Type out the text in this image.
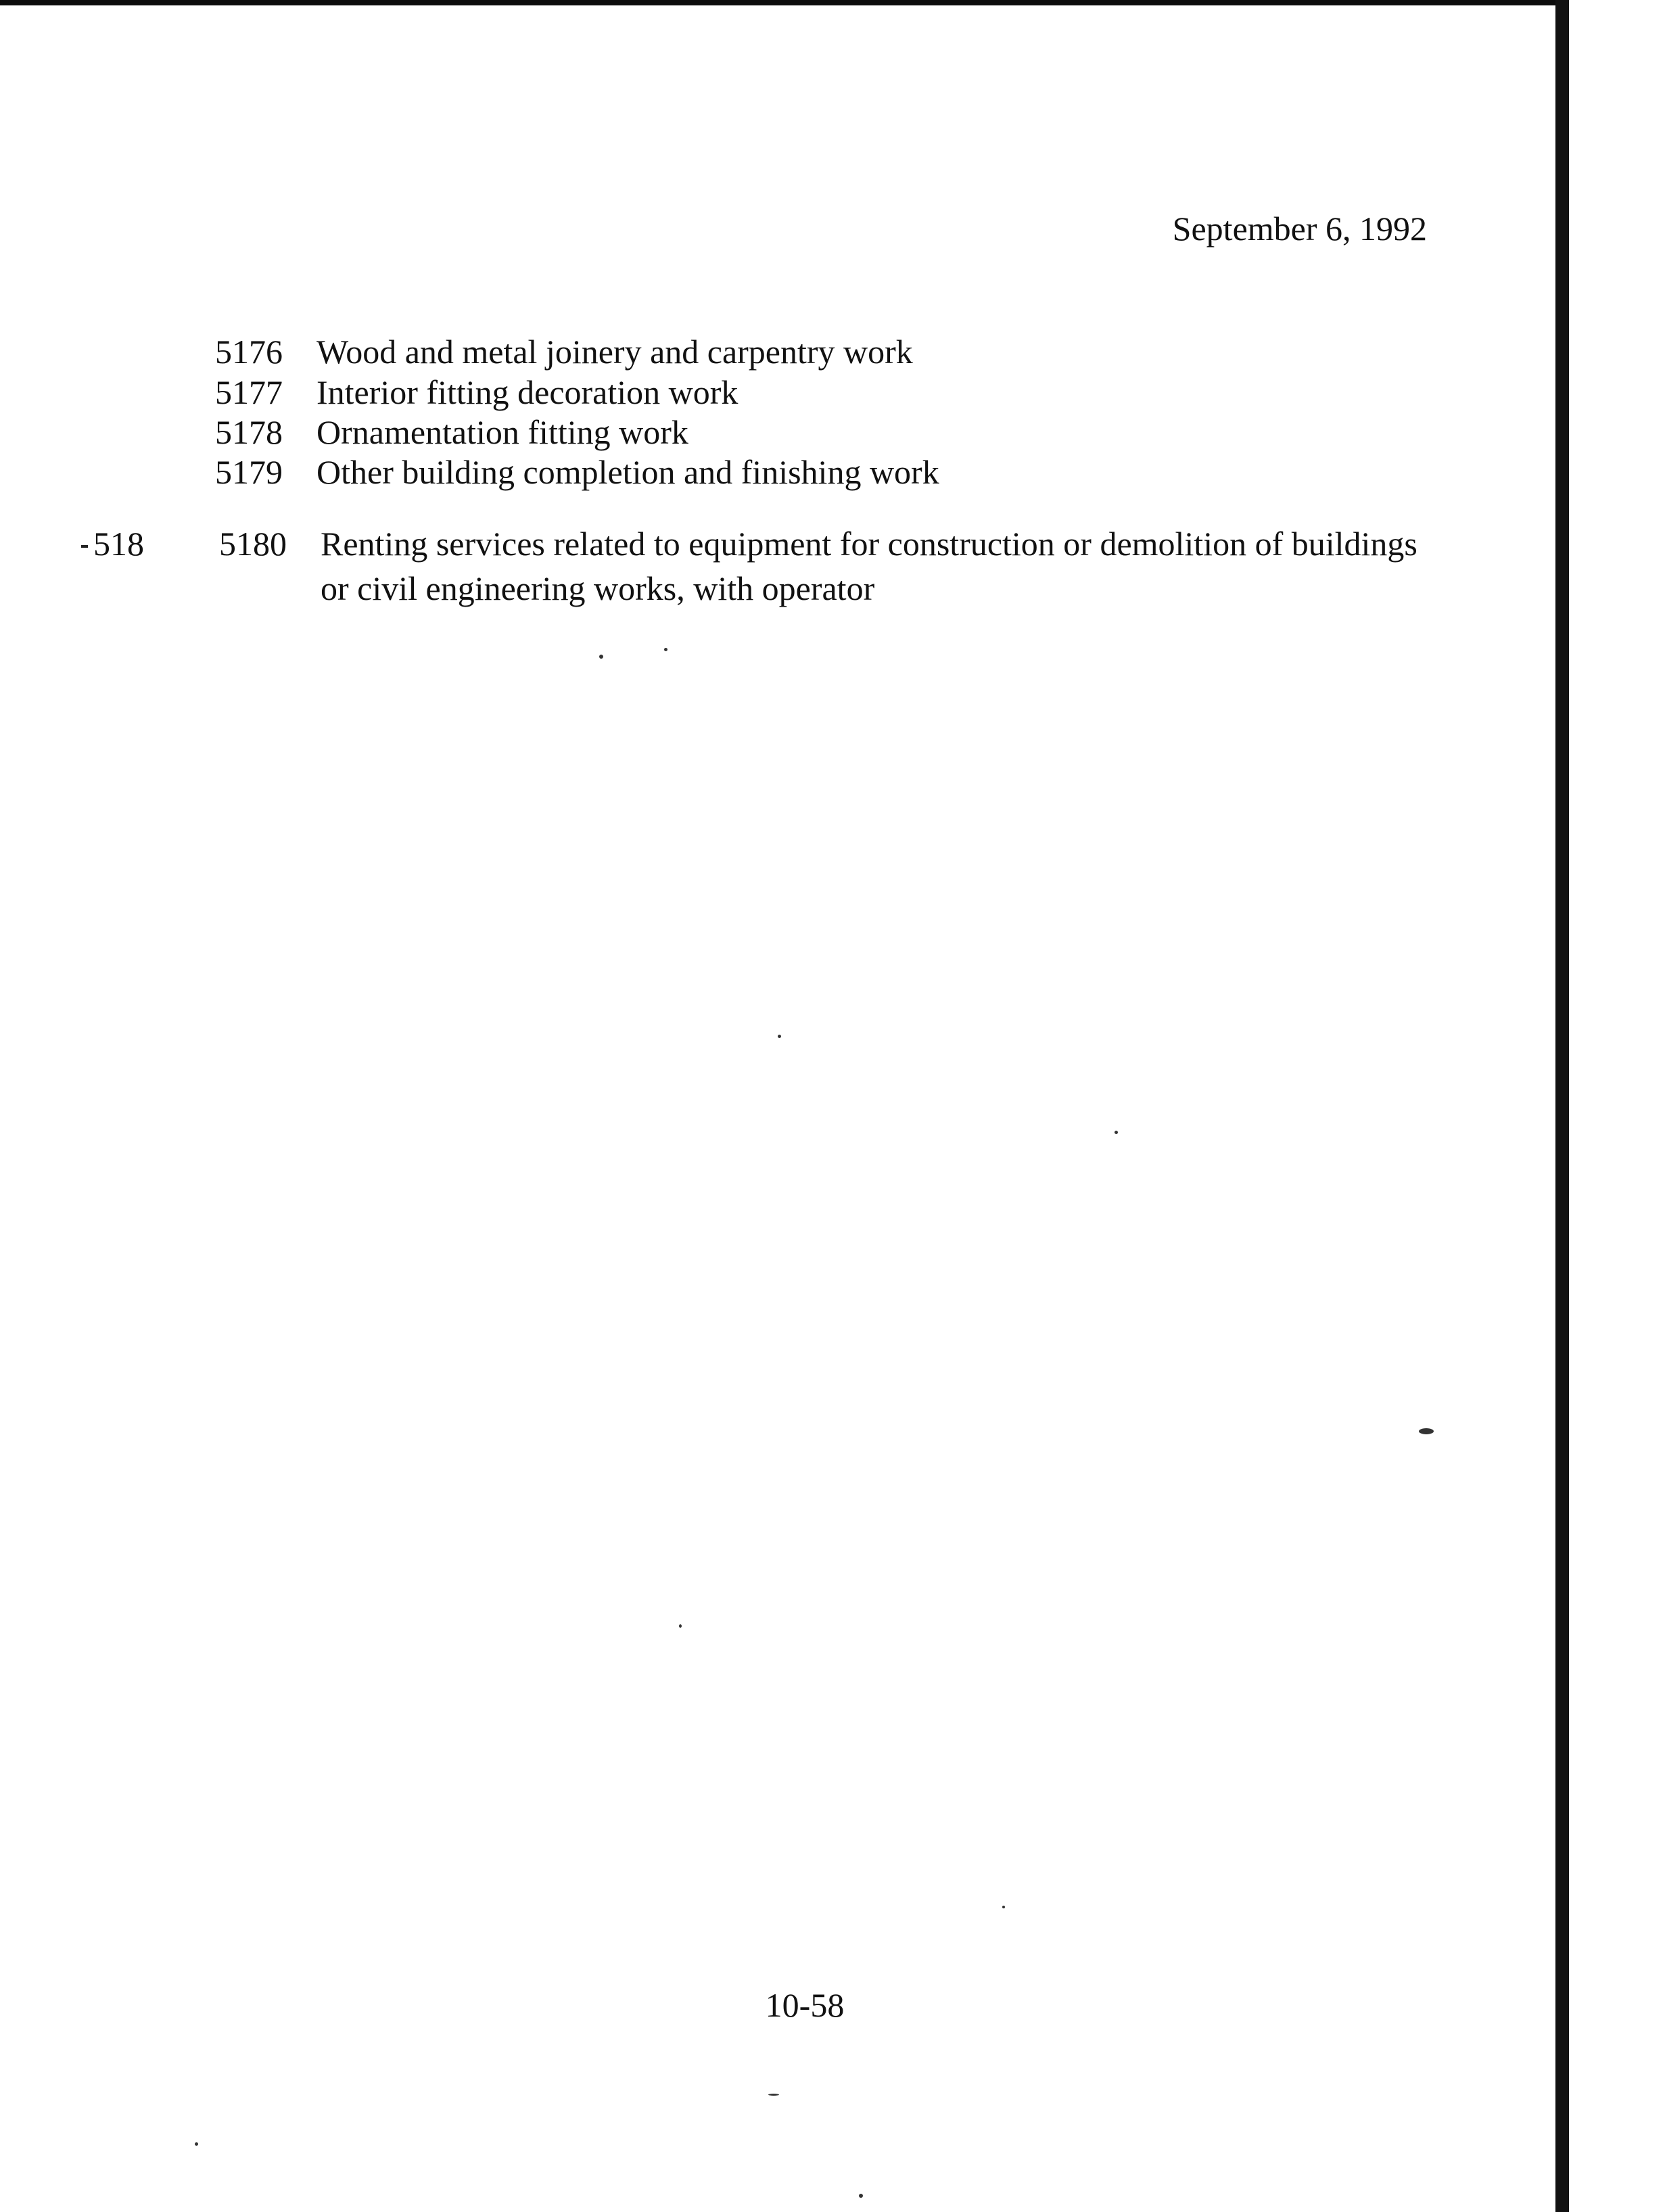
September 6, 1992
5176 Wood and metal joinery and carpentry work
5177 Interior fitting decoration work
5178 Ornamentation fitting work
5179 Other building completion and finishing work
518 5180 Renting services related to equipment for construction or demolition of buildings
or civil engineering works, with operator
10-58
